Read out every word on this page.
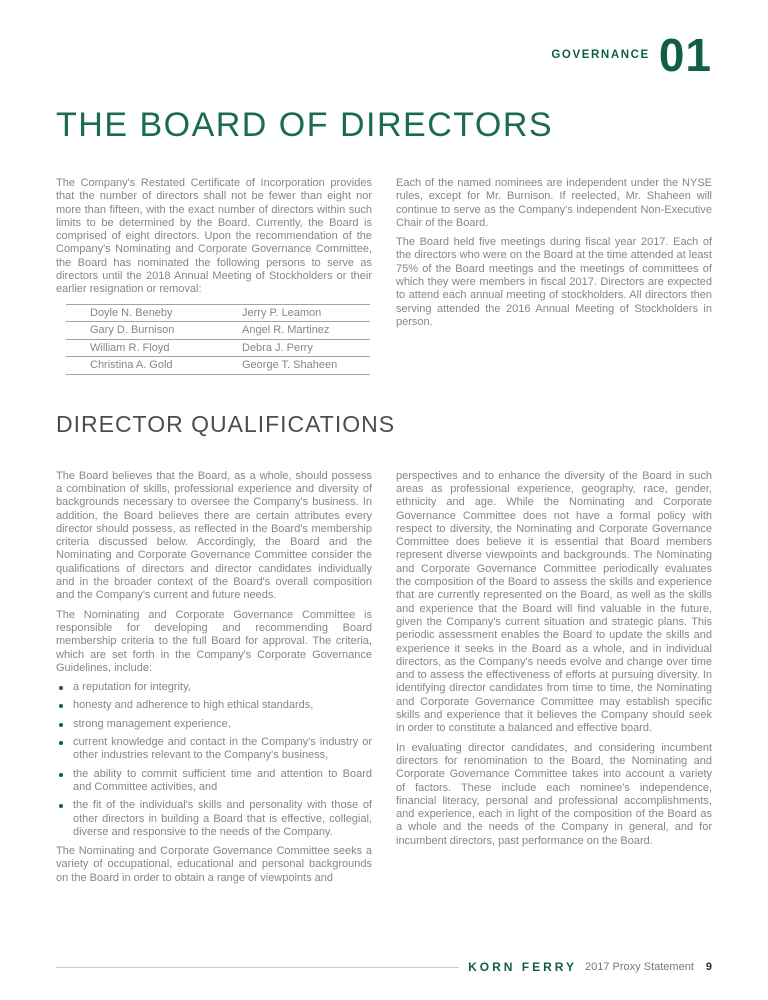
GOVERNANCE 01
THE BOARD OF DIRECTORS

The Company's Restated Certificate of Incorporation provides that the number of directors shall not be fewer than eight nor more than fifteen, with the exact number of directors within such limits to be determined by the Board. Currently, the Board is comprised of eight directors. Upon the recommendation of the Company's Nominating and Corporate Governance Committee, the Board has nominated the following persons to serve as directors until the 2018 Annual Meeting of Stockholders or their earlier resignation or removal:

Doyle N. Beneby	Jerry P. Leamon
Gary D. Burnison	Angel R. Martinez
William R. Floyd	Debra J. Perry
Christina A. Gold	George T. Shaheen

Each of the named nominees are independent under the NYSE rules, except for Mr. Burnison. If reelected, Mr. Shaheen will continue to serve as the Company's independent Non-Executive Chair of the Board.

The Board held five meetings during fiscal year 2017. Each of the directors who were on the Board at the time attended at least 75% of the Board meetings and the meetings of committees of which they were members in fiscal 2017. Directors are expected to attend each annual meeting of stockholders. All directors then serving attended the 2016 Annual Meeting of Stockholders in person.

DIRECTOR QUALIFICATIONS

The Board believes that the Board, as a whole, should possess a combination of skills, professional experience and diversity of backgrounds necessary to oversee the Company's business. In addition, the Board believes there are certain attributes every director should possess, as reflected in the Board's membership criteria discussed below. Accordingly, the Board and the Nominating and Corporate Governance Committee consider the qualifications of directors and director candidates individually and in the broader context of the Board's overall composition and the Company's current and future needs.

The Nominating and Corporate Governance Committee is responsible for developing and recommending Board membership criteria to the full Board for approval. The criteria, which are set forth in the Company's Corporate Governance Guidelines, include:

a reputation for integrity,
honesty and adherence to high ethical standards,
strong management experience,
current knowledge and contact in the Company's industry or other industries relevant to the Company's business,
the ability to commit sufficient time and attention to Board and Committee activities, and
the fit of the individual's skills and personality with those of other directors in building a Board that is effective, collegial, diverse and responsive to the needs of the Company.

The Nominating and Corporate Governance Committee seeks a variety of occupational, educational and personal backgrounds on the Board in order to obtain a range of viewpoints and

perspectives and to enhance the diversity of the Board in such areas as professional experience, geography, race, gender, ethnicity and age. While the Nominating and Corporate Governance Committee does not have a formal policy with respect to diversity, the Nominating and Corporate Governance Committee does believe it is essential that Board members represent diverse viewpoints and backgrounds. The Nominating and Corporate Governance Committee periodically evaluates the composition of the Board to assess the skills and experience that are currently represented on the Board, as well as the skills and experience that the Board will find valuable in the future, given the Company's current situation and strategic plans. This periodic assessment enables the Board to update the skills and experience it seeks in the Board as a whole, and in individual directors, as the Company's needs evolve and change over time and to assess the effectiveness of efforts at pursuing diversity. In identifying director candidates from time to time, the Nominating and Corporate Governance Committee may establish specific skills and experience that it believes the Company should seek in order to constitute a balanced and effective board.

In evaluating director candidates, and considering incumbent directors for renomination to the Board, the Nominating and Corporate Governance Committee takes into account a variety of factors. These include each nominee's independence, financial literacy, personal and professional accomplishments, and experience, each in light of the composition of the Board as a whole and the needs of the Company in general, and for incumbent directors, past performance on the Board.

KORN FERRY 2017 Proxy Statement 9
